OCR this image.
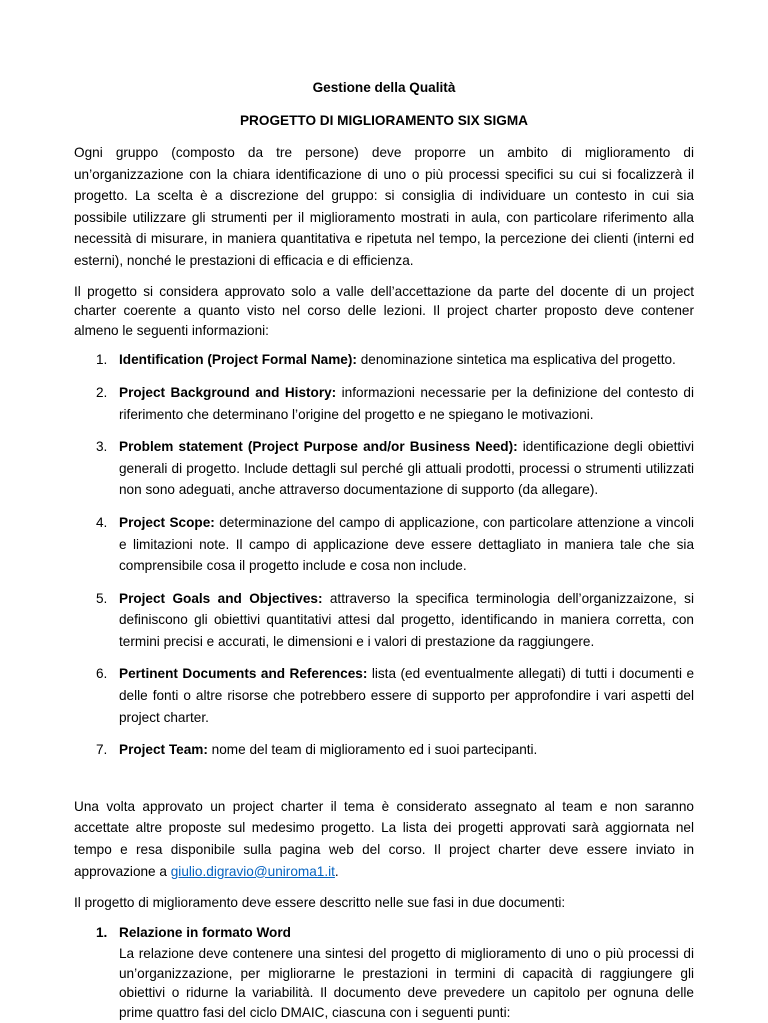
Gestione della Qualità

PROGETTO DI MIGLIORAMENTO SIX SIGMA

Ogni gruppo (composto da tre persone) deve proporre un ambito di miglioramento di un’organizzazione con la chiara identificazione di uno o più processi specifici su cui si focalizzerà il progetto. La scelta è a discrezione del gruppo: si consiglia di individuare un contesto in cui sia possibile utilizzare gli strumenti per il miglioramento mostrati in aula, con particolare riferimento alla necessità di misurare, in maniera quantitativa e ripetuta nel tempo, la percezione dei clienti (interni ed esterni), nonché le prestazioni di efficacia e di efficienza.

Il progetto si considera approvato solo a valle dell’accettazione da parte del docente di un project charter coerente a quanto visto nel corso delle lezioni. Il project charter proposto deve contener almeno le seguenti informazioni:

1. Identification (Project Formal Name): denominazione sintetica ma esplicativa del progetto.
2. Project Background and History: informazioni necessarie per la definizione del contesto di riferimento che determinano l’origine del progetto e ne spiegano le motivazioni.
3. Problem statement (Project Purpose and/or Business Need): identificazione degli obiettivi generali di progetto. Include dettagli sul perché gli attuali prodotti, processi o strumenti utilizzati non sono adeguati, anche attraverso documentazione di supporto (da allegare).
4. Project Scope: determinazione del campo di applicazione, con particolare attenzione a vincoli e limitazioni note. Il campo di applicazione deve essere dettagliato in maniera tale che sia comprensibile cosa il progetto include e cosa non include.
5. Project Goals and Objectives: attraverso la specifica terminologia dell’organizzaizone, si definiscono gli obiettivi quantitativi attesi dal progetto, identificando in maniera corretta, con termini precisi e accurati, le dimensioni e i valori di prestazione da raggiungere.
6. Pertinent Documents and References: lista (ed eventualmente allegati) di tutti i documenti e delle fonti o altre risorse che potrebbero essere di supporto per approfondire i vari aspetti del project charter.
7. Project Team: nome del team di miglioramento ed i suoi partecipanti.

Una volta approvato un project charter il tema è considerato assegnato al team e non saranno accettate altre proposte sul medesimo progetto. La lista dei progetti approvati sarà aggiornata nel tempo e resa disponibile sulla pagina web del corso. Il project charter deve essere inviato in approvazione a giulio.digravio@uniroma1.it.

Il progetto di miglioramento deve essere descritto nelle sue fasi in due documenti:

1. Relazione in formato Word

La relazione deve contenere una sintesi del progetto di miglioramento di uno o più processi di un’organizzazione, per migliorarne le prestazioni in termini di capacità di raggiungere gli obiettivi o ridurne la variabilità. Il documento deve prevedere un capitolo per ognuna delle prime quattro fasi del ciclo DMAIC, ciascuna con i seguenti punti:
